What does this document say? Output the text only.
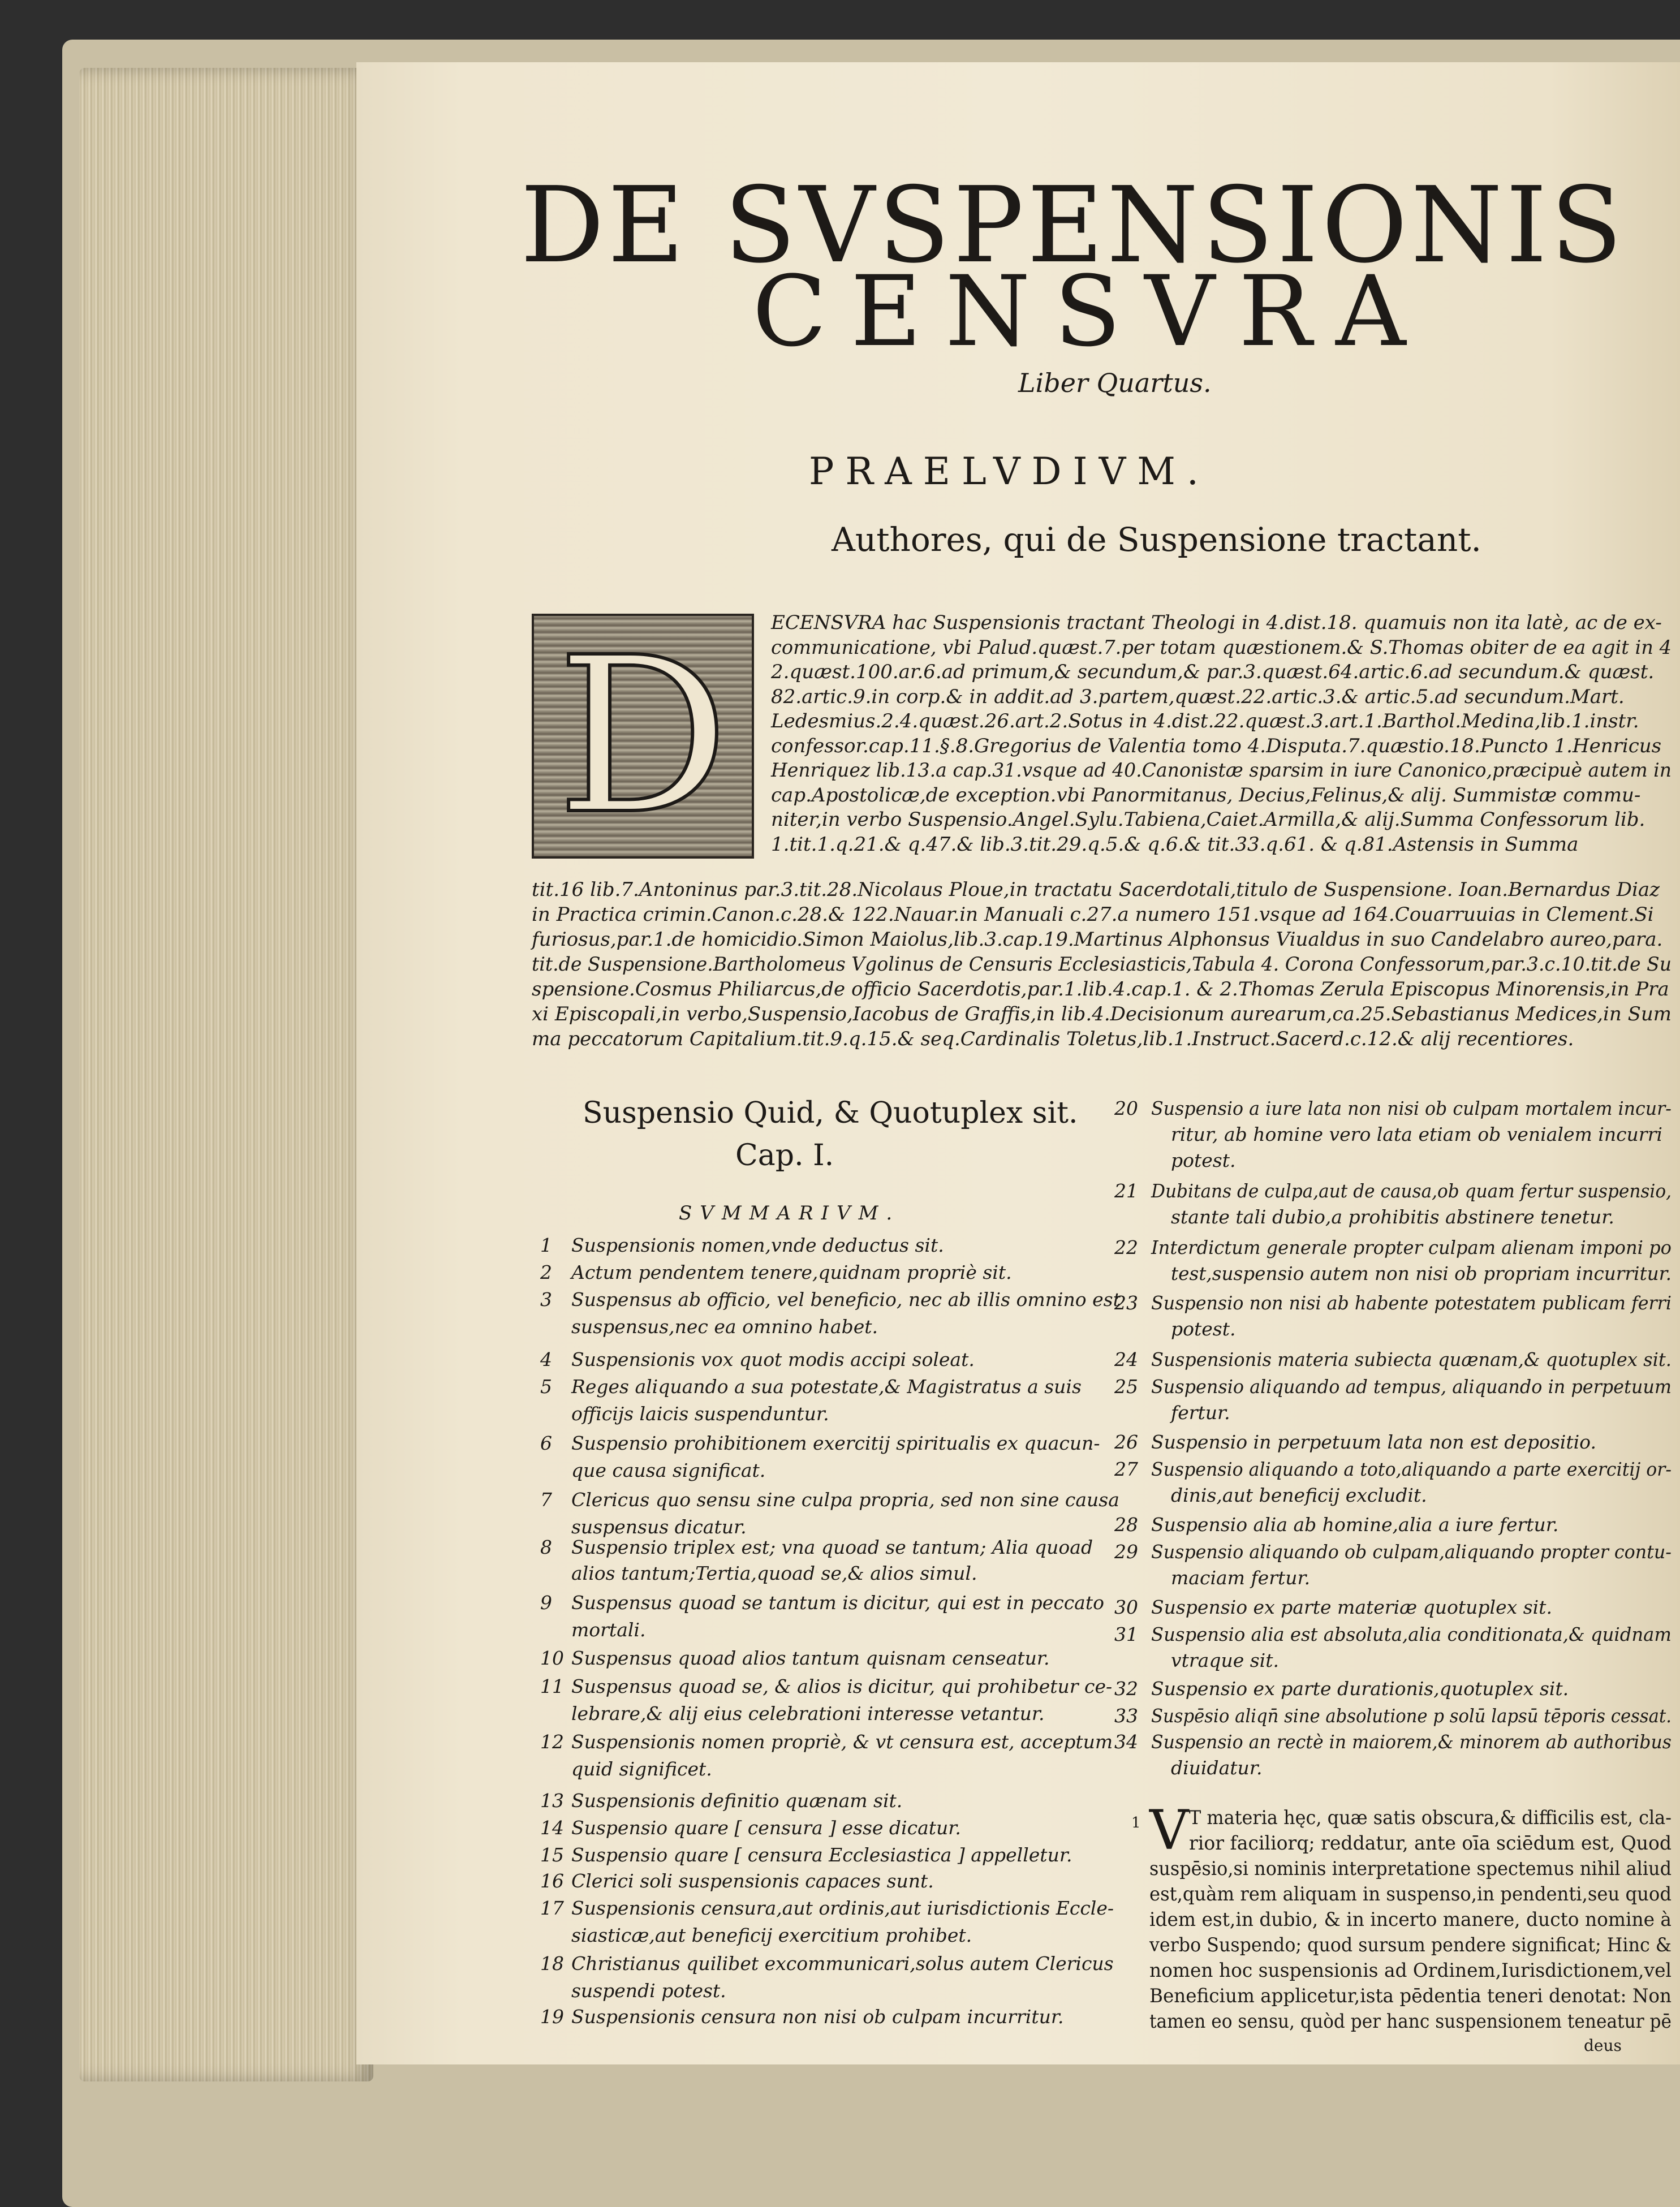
DE SVSPENSIONIS
CENSVRA
Liber Quartus.
PRAELVDIVM.
Authores, qui de Suspensione tractant.
D	ECENSVRA hac Suspensionis tractant Theologi in 4.dist.18. quamuis non ita latè, ac de ex-
communicatione, vbi Palud.quæst.7.per totam quæstionem.& S.Thomas obiter de ea agit in 4
2.quæst.100.ar.6.ad primum,& secundum,& par.3.quæst.64.artic.6.ad secundum.& quæst.
82.artic.9.in corp.& in addit.ad 3.partem,quæst.22.artic.3.& artic.5.ad secundum.Mart.
Ledesmius.2.4.quæst.26.art.2.Sotus in 4.dist.22.quæst.3.art.1.Barthol.Medina,lib.1.instr.
confessor.cap.11.§.8.Gregorius de Valentia tomo 4.Disputa.7.quæstio.18.Puncto 1.Henricus
Henriquez lib.13.a cap.31.vsque ad 40.Canonistæ sparsim in iure Canonico,præcipuè autem in
cap.Apostolicæ,de exception.vbi Panormitanus, Decius,Felinus,& alij. Summistæ commu-
niter,in verbo Suspensio.Angel.Sylu.Tabiena,Caiet.Armilla,& alij.Summa Confessorum lib.
1.tit.1.q.21.& q.47.& lib.3.tit.29.q.5.& q.6.& tit.33.q.61. & q.81.Astensis in Summa
tit.16 lib.7.Antoninus par.3.tit.28.Nicolaus Ploue,in tractatu Sacerdotali,titulo de Suspensione. Ioan.Bernardus Diaz
in Practica crimin.Canon.c.28.& 122.Nauar.in Manuali c.27.a numero 151.vsque ad 164.Couarruuias in Clement.Si
furiosus,par.1.de homicidio.Simon Maiolus,lib.3.cap.19.Martinus Alphonsus Viualdus in suo Candelabro aureo,para.
tit.de Suspensione.Bartholomeus Vgolinus de Censuris Ecclesiasticis,Tabula 4. Corona Confessorum,par.3.c.10.tit.de Su
spensione.Cosmus Philiarcus,de officio Sacerdotis,par.1.lib.4.cap.1. & 2.Thomas Zerula Episcopus Minorensis,in Pra
xi Episcopali,in verbo,Suspensio,Iacobus de Graffis,in lib.4.Decisionum aurearum,ca.25.Sebastianus Medices,in Sum
ma peccatorum Capitalium.tit.9.q.15.& seq.Cardinalis Toletus,lib.1.Instruct.Sacerd.c.12.& alij recentiores.
Suspensio Quid, & Quotuplex sit.
Cap. I.
SVMMARIVM.
1 Suspensionis nomen,vnde deductus sit.
2 Actum pendentem tenere,quidnam propriè sit.
3 Suspensus ab officio, vel beneficio, nec ab illis omnino est
suspensus,nec ea omnino habet.
4 Suspensionis vox quot modis accipi soleat.
5 Reges aliquando a sua potestate,& Magistratus a suis
officijs laicis suspenduntur.
6 Suspensio prohibitionem exercitij spiritualis ex quacun-
que causa significat.
7 Clericus quo sensu sine culpa propria, sed non sine causa
suspensus dicatur.
8 Suspensio triplex est; vna quoad se tantum; Alia quoad
alios tantum;Tertia,quoad se,& alios simul.
9 Suspensus quoad se tantum is dicitur, qui est in peccato
mortali.
10 Suspensus quoad alios tantum quisnam censeatur.
11 Suspensus quoad se, & alios is dicitur, qui prohibetur ce-
lebrare,& alij eius celebrationi interesse vetantur.
12 Suspensionis nomen propriè, & vt censura est, acceptum
quid significet.
13 Suspensionis definitio quænam sit.
14 Suspensio quare [ censura ] esse dicatur.
15 Suspensio quare [ censura Ecclesiastica ] appelletur.
16 Clerici soli suspensionis capaces sunt.
17 Suspensionis censura,aut ordinis,aut iurisdictionis Eccle-
siasticæ,aut beneficij exercitium prohibet.
18 Christianus quilibet excommunicari,solus autem Clericus
suspendi potest.
19 Suspensionis censura non nisi ob culpam incurritur.
20 Suspensio a iure lata non nisi ob culpam mortalem incur-
ritur, ab homine vero lata etiam ob venialem incurri
potest.
21 Dubitans de culpa,aut de causa,ob quam fertur suspensio,
stante tali dubio,a prohibitis abstinere tenetur.
22 Interdictum generale propter culpam alienam imponi po
test,suspensio autem non nisi ob propriam incurritur.
23 Suspensio non nisi ab habente potestatem publicam ferri
potest.
24 Suspensionis materia subiecta quænam,& quotuplex sit.
25 Suspensio aliquando ad tempus, aliquando in perpetuum
fertur.
26 Suspensio in perpetuum lata non est depositio.
27 Suspensio aliquando a toto,aliquando a parte exercitij or-
dinis,aut beneficij excludit.
28 Suspensio alia ab homine,alia a iure fertur.
29 Suspensio aliquando ob culpam,aliquando propter contu-
maciam fertur.
30 Suspensio ex parte materiæ quotuplex sit.
31 Suspensio alia est absoluta,alia conditionata,& quidnam
vtraque sit.
32 Suspensio ex parte durationis,quotuplex sit.
33 Suspēsio aliqn̄ sine absolutione p solū lapsū tēporis cessat.
34 Suspensio an rectè in maiorem,& minorem ab authoribus
diuidatur.
1 V T materia hęc, quæ satis obscura,& difficilis est, cla-
rior faciliorq; reddatur, ante oīa sciēdum est, Quod
suspēsio,si nominis interpretatione spectemus nihil aliud
est,quàm rem aliquam in suspenso,in pendenti,seu quod
idem est,in dubio, & in incerto manere, ducto nomine à
verbo Suspendo; quod sursum pendere significat; Hinc &
nomen hoc suspensionis ad Ordinem,Iurisdictionem,vel
Beneficium applicetur,ista pēdentia teneri denotat: Non
tamen eo sensu, quòd per hanc suspensionem teneatur pē
deus
